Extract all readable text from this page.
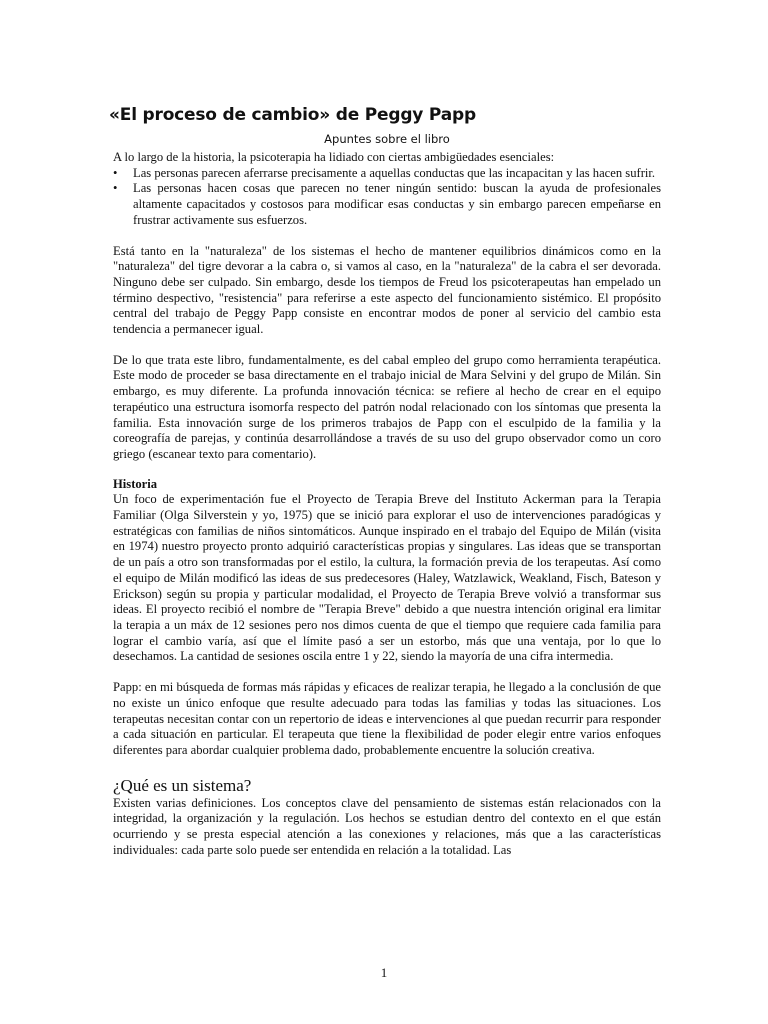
«El proceso de cambio» de Peggy Papp
Apuntes sobre el libro

A lo largo de la historia, la psicoterapia ha lidiado con ciertas ambigüedades esenciales:

• Las personas parecen aferrarse precisamente a aquellas conductas que las incapacitan y las hacen sufrir.
• Las personas hacen cosas que parecen no tener ningún sentido: buscan la ayuda de profesionales altamente capacitados y costosos para modificar esas conductas y sin embargo parecen empeñarse en frustrar activamente sus esfuerzos.

Está tanto en la "naturaleza" de los sistemas el hecho de mantener equilibrios dinámicos como en la "naturaleza" del tigre devorar a la cabra o, si vamos al caso, en la "naturaleza" de la cabra el ser devorada. Ninguno debe ser culpado. Sin embargo, desde los tiempos de Freud los psicoterapeutas han empelado un término despectivo, "resistencia" para referirse a este aspecto del funcionamiento sistémico. El propósito central del trabajo de Peggy Papp consiste en encontrar modos de poner al servicio del cambio esta tendencia a permanecer igual.

De lo que trata este libro, fundamentalmente, es del cabal empleo del grupo como herramienta terapéutica. Este modo de proceder se basa directamente en el trabajo inicial de Mara Selvini y del grupo de Milán. Sin embargo, es muy diferente. La profunda innovación técnica: se refiere al hecho de crear en el equipo terapéutico una estructura isomorfa respecto del patrón nodal relacionado con los síntomas que presenta la familia. Esta innovación surge de los primeros trabajos de Papp con el esculpido de la familia y la coreografía de parejas, y continúa desarrollándose a través de su uso del grupo observador como un coro griego (escanear texto para comentario).

Historia

Un foco de experimentación fue el Proyecto de Terapia Breve del Instituto Ackerman para la Terapia Familiar (Olga Silverstein y yo, 1975) que se inició para explorar el uso de intervenciones paradógicas y estratégicas con familias de niños sintomáticos. Aunque inspirado en el trabajo del Equipo de Milán (visita en 1974) nuestro proyecto pronto adquirió características propias y singulares. Las ideas que se transportan de un país a otro son transformadas por el estilo, la cultura, la formación previa de los terapeutas. Así como el equipo de Milán modificó las ideas de sus predecesores (Haley, Watzlawick, Weakland, Fisch, Bateson y Erickson) según su propia y particular modalidad, el Proyecto de Terapia Breve volvió a transformar sus ideas. El proyecto recibió el nombre de "Terapia Breve" debido a que nuestra intención original era limitar la terapia a un máx de 12 sesiones pero nos dimos cuenta de que el tiempo que requiere cada familia para lograr el cambio varía, así que el límite pasó a ser un estorbo, más que una ventaja, por lo que lo desechamos. La cantidad de sesiones oscila entre 1 y 22, siendo la mayoría de una cifra intermedia.

Papp: en mi búsqueda de formas más rápidas y eficaces de realizar terapia, he llegado a la conclusión de que no existe un único enfoque que resulte adecuado para todas las familias y todas las situaciones. Los terapeutas necesitan contar con un repertorio de ideas e intervenciones al que puedan recurrir para responder a cada situación en particular. El terapeuta que tiene la flexibilidad de poder elegir entre varios enfoques diferentes para abordar cualquier problema dado, probablemente encuentre la solución creativa.

¿Qué es un sistema?

Existen varias definiciones. Los conceptos clave del pensamiento de sistemas están relacionados con la integridad, la organización y la regulación. Los hechos se estudian dentro del contexto en el que están ocurriendo y se presta especial atención a las conexiones y relaciones, más que a las características individuales: cada parte solo puede ser entendida en relación a la totalidad. Las

1
